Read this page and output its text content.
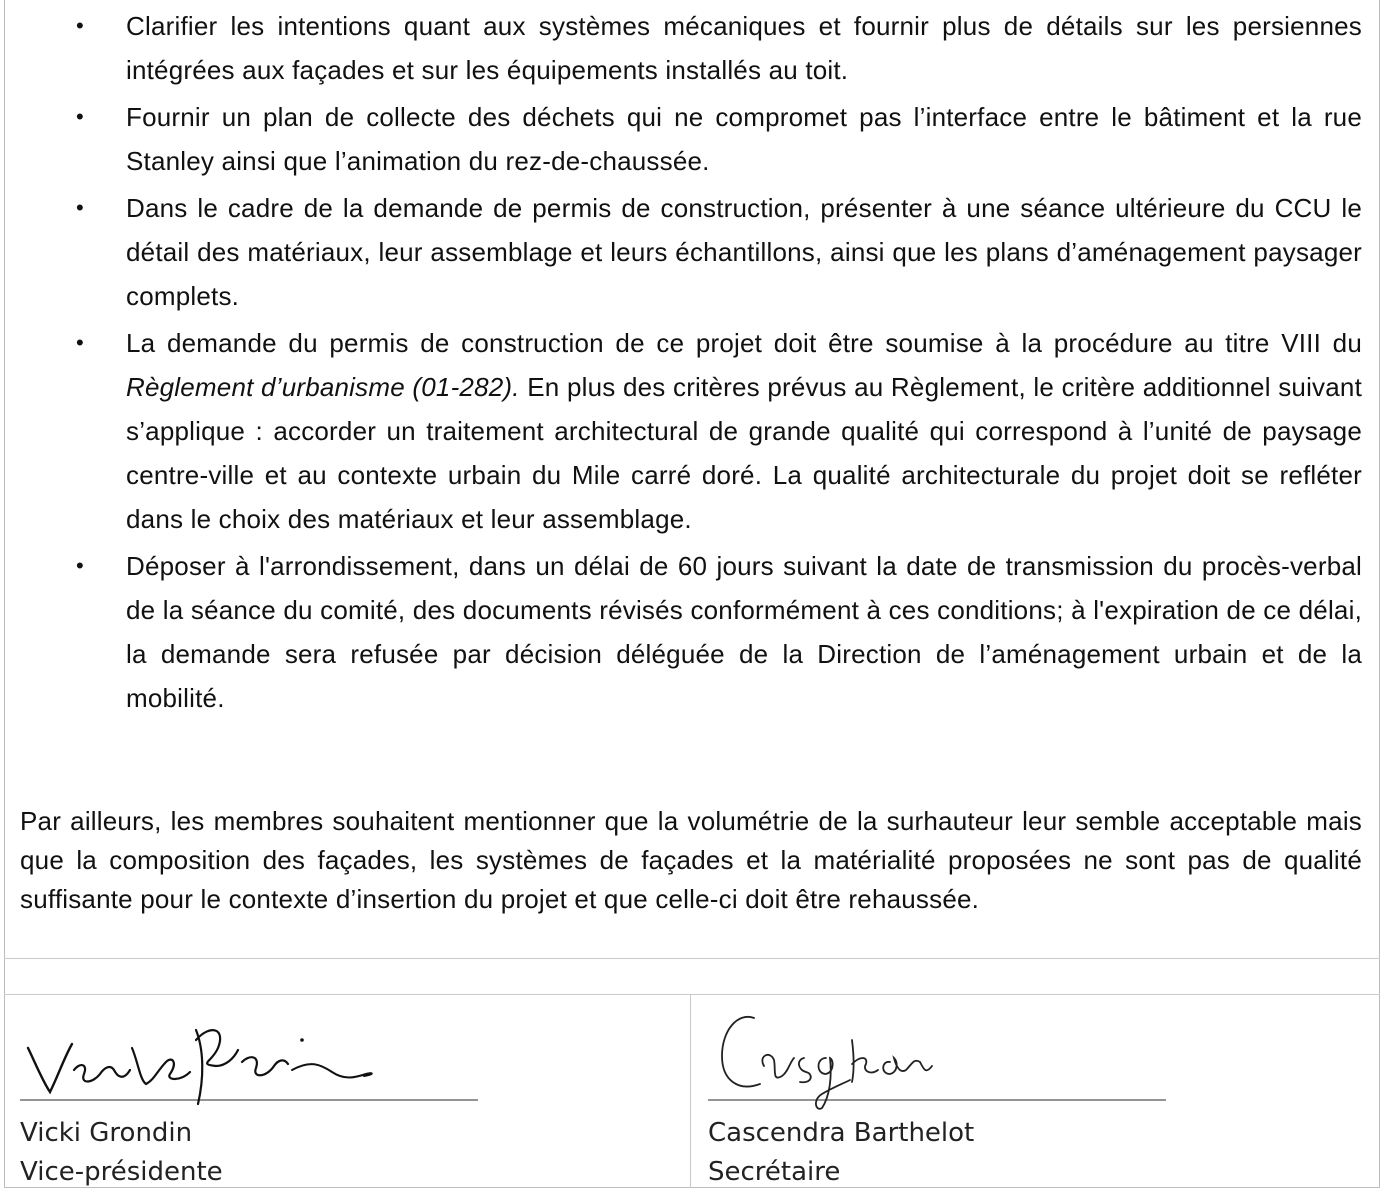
• Clarifier les intentions quant aux systèmes mécaniques et fournir plus de détails sur les persiennes intégrées aux façades et sur les équipements installés au toit.
• Fournir un plan de collecte des déchets qui ne compromet pas l’interface entre le bâtiment et la rue Stanley ainsi que l’animation du rez-de-chaussée.
• Dans le cadre de la demande de permis de construction, présenter à une séance ultérieure du CCU le détail des matériaux, leur assemblage et leurs échantillons, ainsi que les plans d’aménagement paysager complets.
• La demande du permis de construction de ce projet doit être soumise à la procédure au titre VIII du Règlement d’urbanisme (01-282). En plus des critères prévus au Règlement, le critère additionnel suivant s’applique : accorder un traitement architectural de grande qualité qui correspond à l’unité de paysage centre-ville et au contexte urbain du Mile carré doré. La qualité architecturale du projet doit se refléter dans le choix des matériaux et leur assemblage.
• Déposer à l'arrondissement, dans un délai de 60 jours suivant la date de transmission du procès-verbal de la séance du comité, des documents révisés conformément à ces conditions; à l'expiration de ce délai, la demande sera refusée par décision déléguée de la Direction de l’aménagement urbain et de la mobilité.

Par ailleurs, les membres souhaitent mentionner que la volumétrie de la surhauteur leur semble acceptable mais que la composition des façades, les systèmes de façades et la matérialité proposées ne sont pas de qualité suffisante pour le contexte d’insertion du projet et que celle-ci doit être rehaussée.

Vicki Grondin
Vicki Grondin
Vice-présidente
Casgrain
Cascendra Barthelot
Secrétaire
